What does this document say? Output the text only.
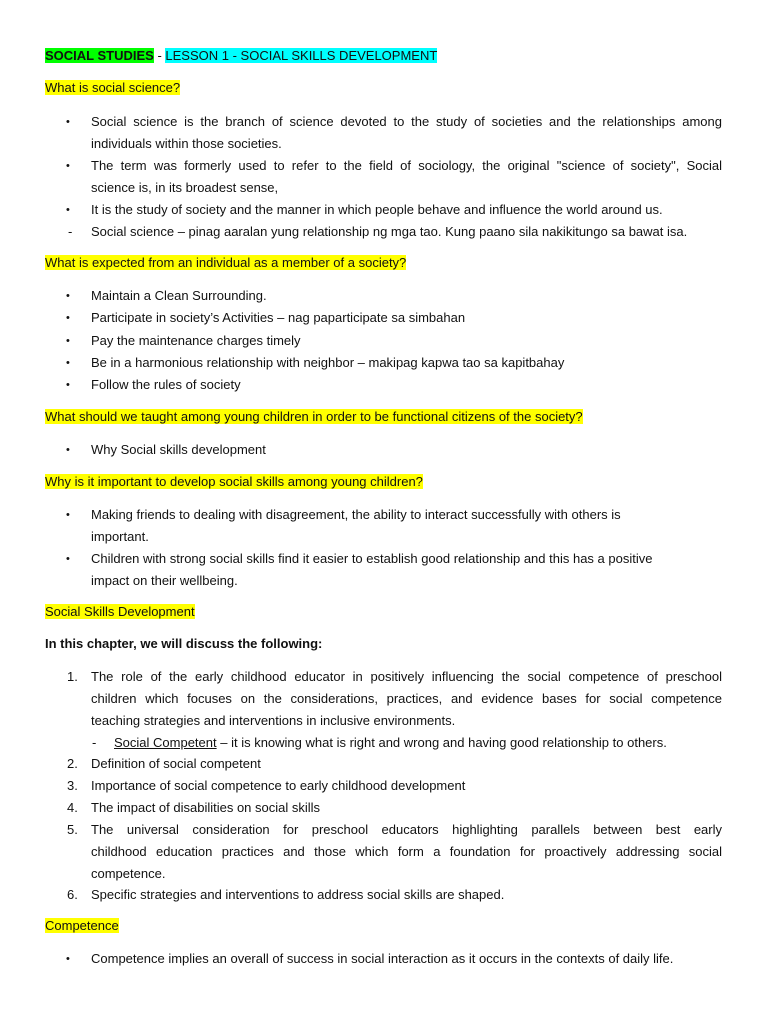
SOCIAL STUDIES - LESSON 1 - SOCIAL SKILLS DEVELOPMENT
What is social science?
• Social science is the branch of science devoted to the study of societies and the relationships among
individuals within those societies.
• The term was formerly used to refer to the field of sociology, the original "science of society", Social
science is, in its broadest sense,
• It is the study of society and the manner in which people behave and influence the world around us.
- Social science – pinag aaralan yung relationship ng mga tao. Kung paano sila nakikitungo sa bawat isa.
What is expected from an individual as a member of a society?
• Maintain a Clean Surrounding.
• Participate in society’s Activities – nag paparticipate sa simbahan
• Pay the maintenance charges timely
• Be in a harmonious relationship with neighbor – makipag kapwa tao sa kapitbahay
• Follow the rules of society
What should we taught among young children in order to be functional citizens of the society?
• Why Social skills development
Why is it important to develop social skills among young children?
• Making friends to dealing with disagreement, the ability to interact successfully with others is
important.
• Children with strong social skills find it easier to establish good relationship and this has a positive
impact on their wellbeing.
Social Skills Development
In this chapter, we will discuss the following:
1. The role of the early childhood educator in positively influencing the social competence of preschool
children which focuses on the considerations, practices, and evidence bases for social competence
teaching strategies and interventions in inclusive environments.
- Social Competent – it is knowing what is right and wrong and having good relationship to others.
2. Definition of social competent
3. Importance of social competence to early childhood development
4. The impact of disabilities on social skills
5. The universal consideration for preschool educators highlighting parallels between best early
childhood education practices and those which form a foundation for proactively addressing social
competence.
6. Specific strategies and interventions to address social skills are shaped.
Competence
• Competence implies an overall of success in social interaction as it occurs in the contexts of daily life.
